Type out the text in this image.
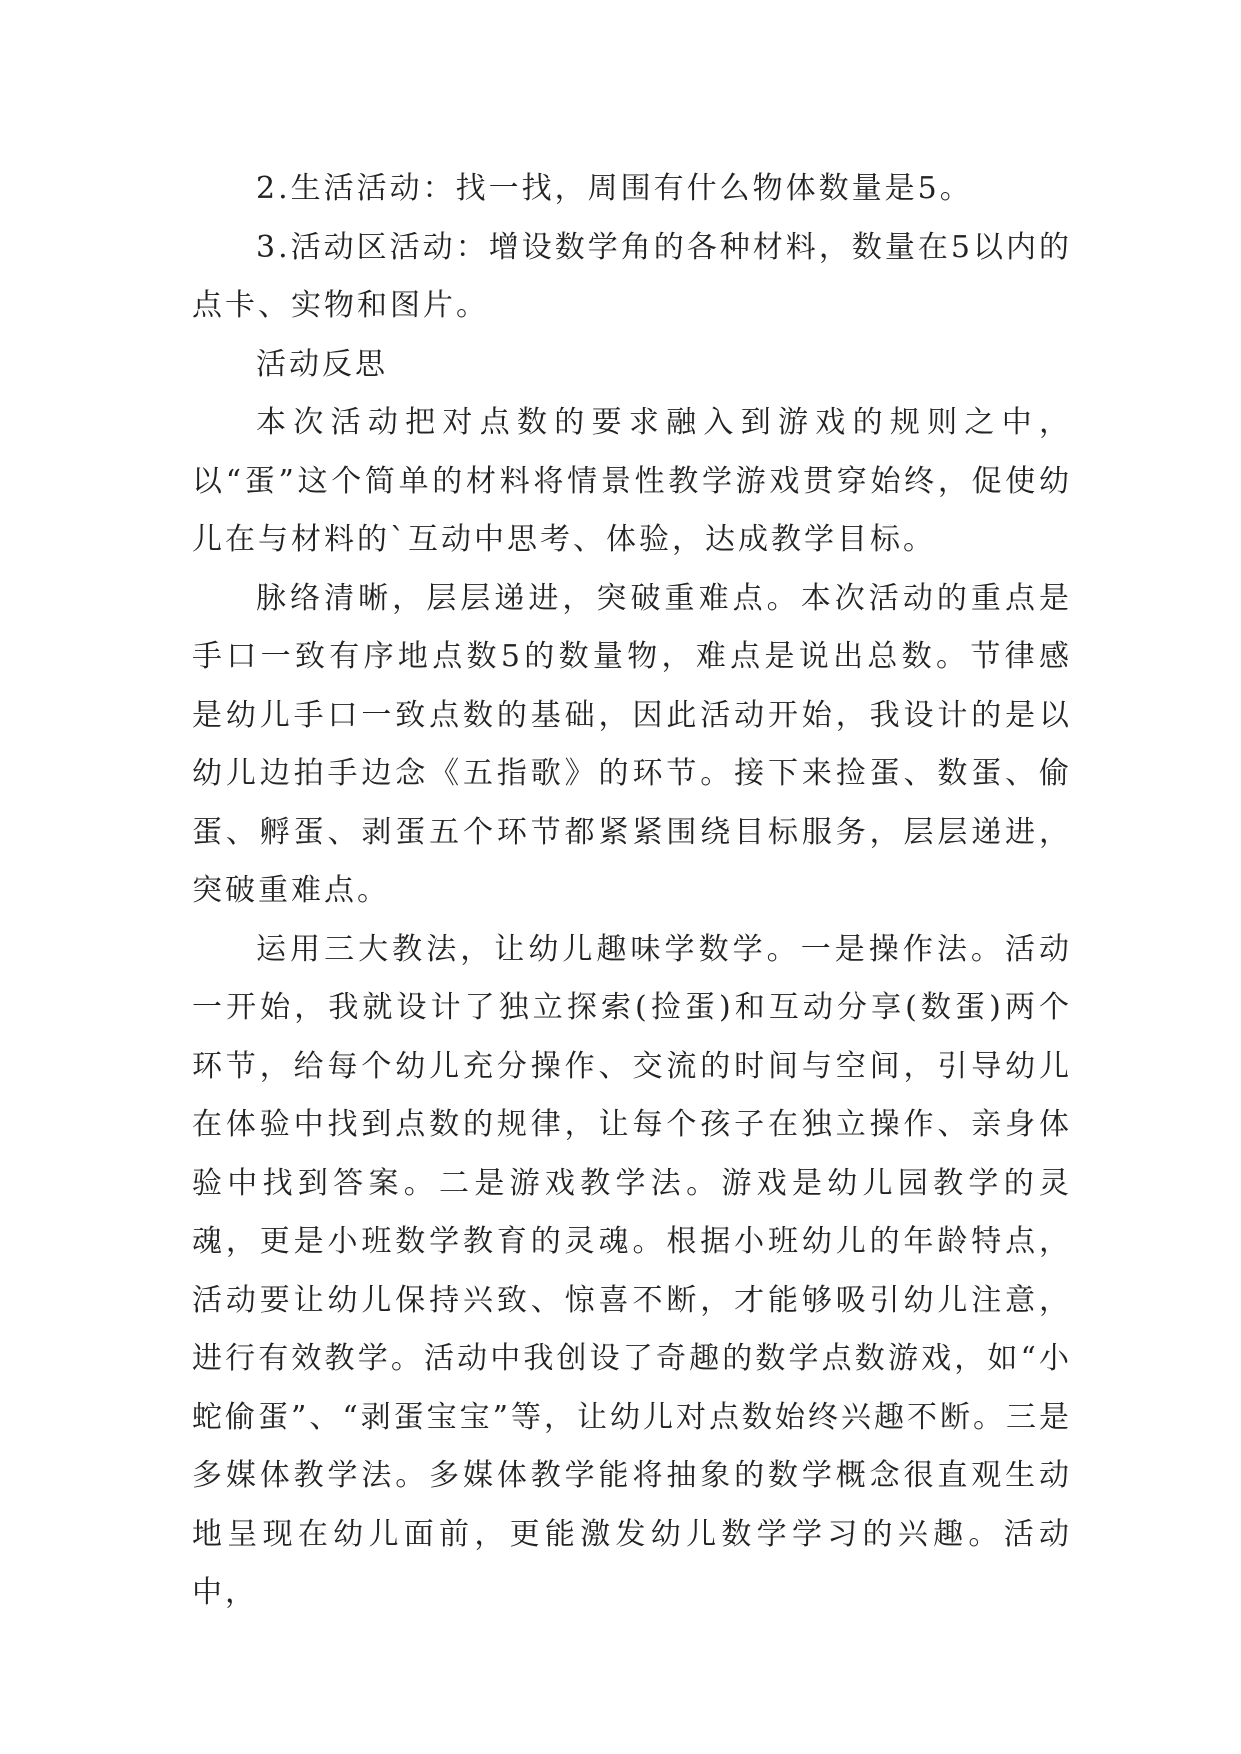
2.生活活动：找一找，周围有什么物体数量是5。

3.活动区活动：增设数学角的各种材料，数量在5以内的点卡、实物和图片。

活动反思

本次活动把对点数的要求融入到游戏的规则之中，以“蛋”这个简单的材料将情景性教学游戏贯穿始终，促使幼儿在与材料的`互动中思考、体验，达成教学目标。

脉络清晰，层层递进，突破重难点。本次活动的重点是手口一致有序地点数5的数量物，难点是说出总数。节律感是幼儿手口一致点数的基础，因此活动开始，我设计的是以幼儿边拍手边念《五指歌》的环节。接下来捡蛋、数蛋、偷蛋、孵蛋、剥蛋五个环节都紧紧围绕目标服务，层层递进，突破重难点。

运用三大教法，让幼儿趣味学数学。一是操作法。活动一开始，我就设计了独立探索(捡蛋)和互动分享(数蛋)两个环节，给每个幼儿充分操作、交流的时间与空间，引导幼儿在体验中找到点数的规律，让每个孩子在独立操作、亲身体验中找到答案。二是游戏教学法。游戏是幼儿园教学的灵魂，更是小班数学教育的灵魂。根据小班幼儿的年龄特点，活动要让幼儿保持兴致、惊喜不断，才能够吸引幼儿注意，进行有效教学。活动中我创设了奇趣的数学点数游戏，如“小蛇偷蛋”、“剥蛋宝宝”等，让幼儿对点数始终兴趣不断。三是多媒体教学法。多媒体教学能将抽象的数学概念很直观生动地呈现在幼儿面前，更能激发幼儿数学学习的兴趣。活动中，
